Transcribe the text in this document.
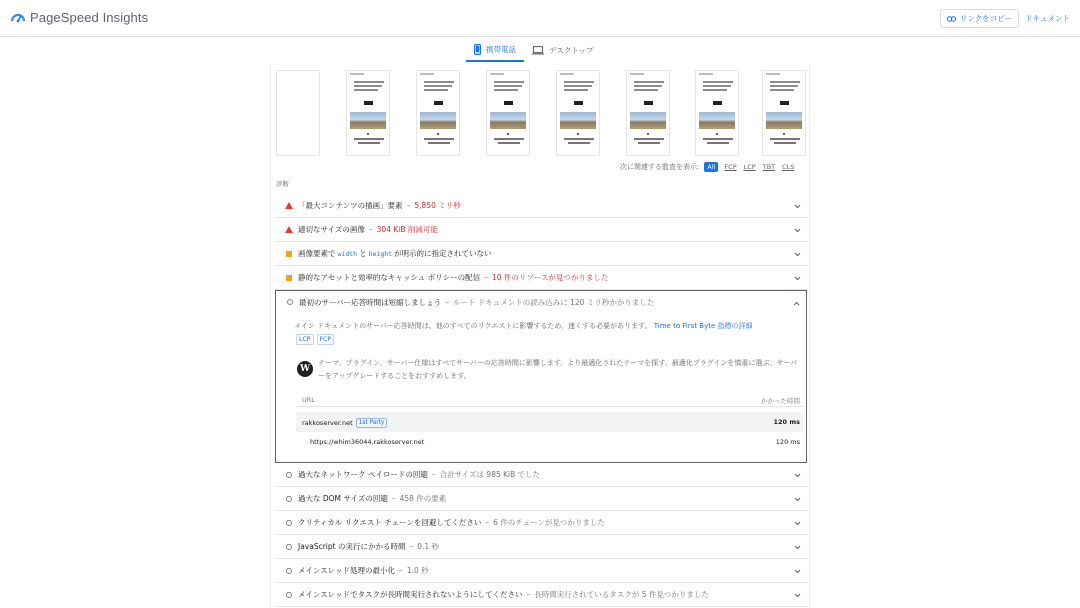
PageSpeed Insights	リンクをコピー ドキュメント
携帯電話	デスクトップ
次に関連する監査を表示:	All	FCP LCP TBT CLS
診断
「最大コンテンツの描画」要素 – 5,850 ミリ秒
適切なサイズの画像 – 304 KiB 削減可能
画像要素で width と height が明示的に指定されていない
静的なアセットと効率的なキャッシュ ポリシーの配信 – 10 件のリソースが見つかりました
最初のサーバー応答時間は短縮しましょう – ルート ドキュメントの読み込みに 120 ミリ秒かかりました
メイン ドキュメントのサーバー応答時間は、他のすべてのリクエストに影響するため、速くする必要があります。 Time to First Byte 指標の詳細
LCP	FCP
W
テーマ、プラグイン、サーバー仕様はすべてサーバーの応答時間に影響します。より最適化されたテーマを探す、最適化プラグインを慎重に選ぶ、サーバーをアップグレードすることをおすすめします。
URL	かかった時間
rakkoserver.net	1st Party	120 ms
https://whim36044.rakkoserver.net	120 ms
過大なネットワーク ペイロードの回避 – 合計サイズは 985 KiB でした
過大な DOM サイズの回避 – 458 件の要素
クリティカル リクエスト チェーンを回避してください – 6 件のチェーンが見つかりました
JavaScript の実行にかかる時間 – 0.1 秒
メインスレッド処理の最小化 – 1.0 秒
メインスレッドでタスクが長時間実行されないようにしてください – 長時間実行されているタスクが 5 件見つかりました
